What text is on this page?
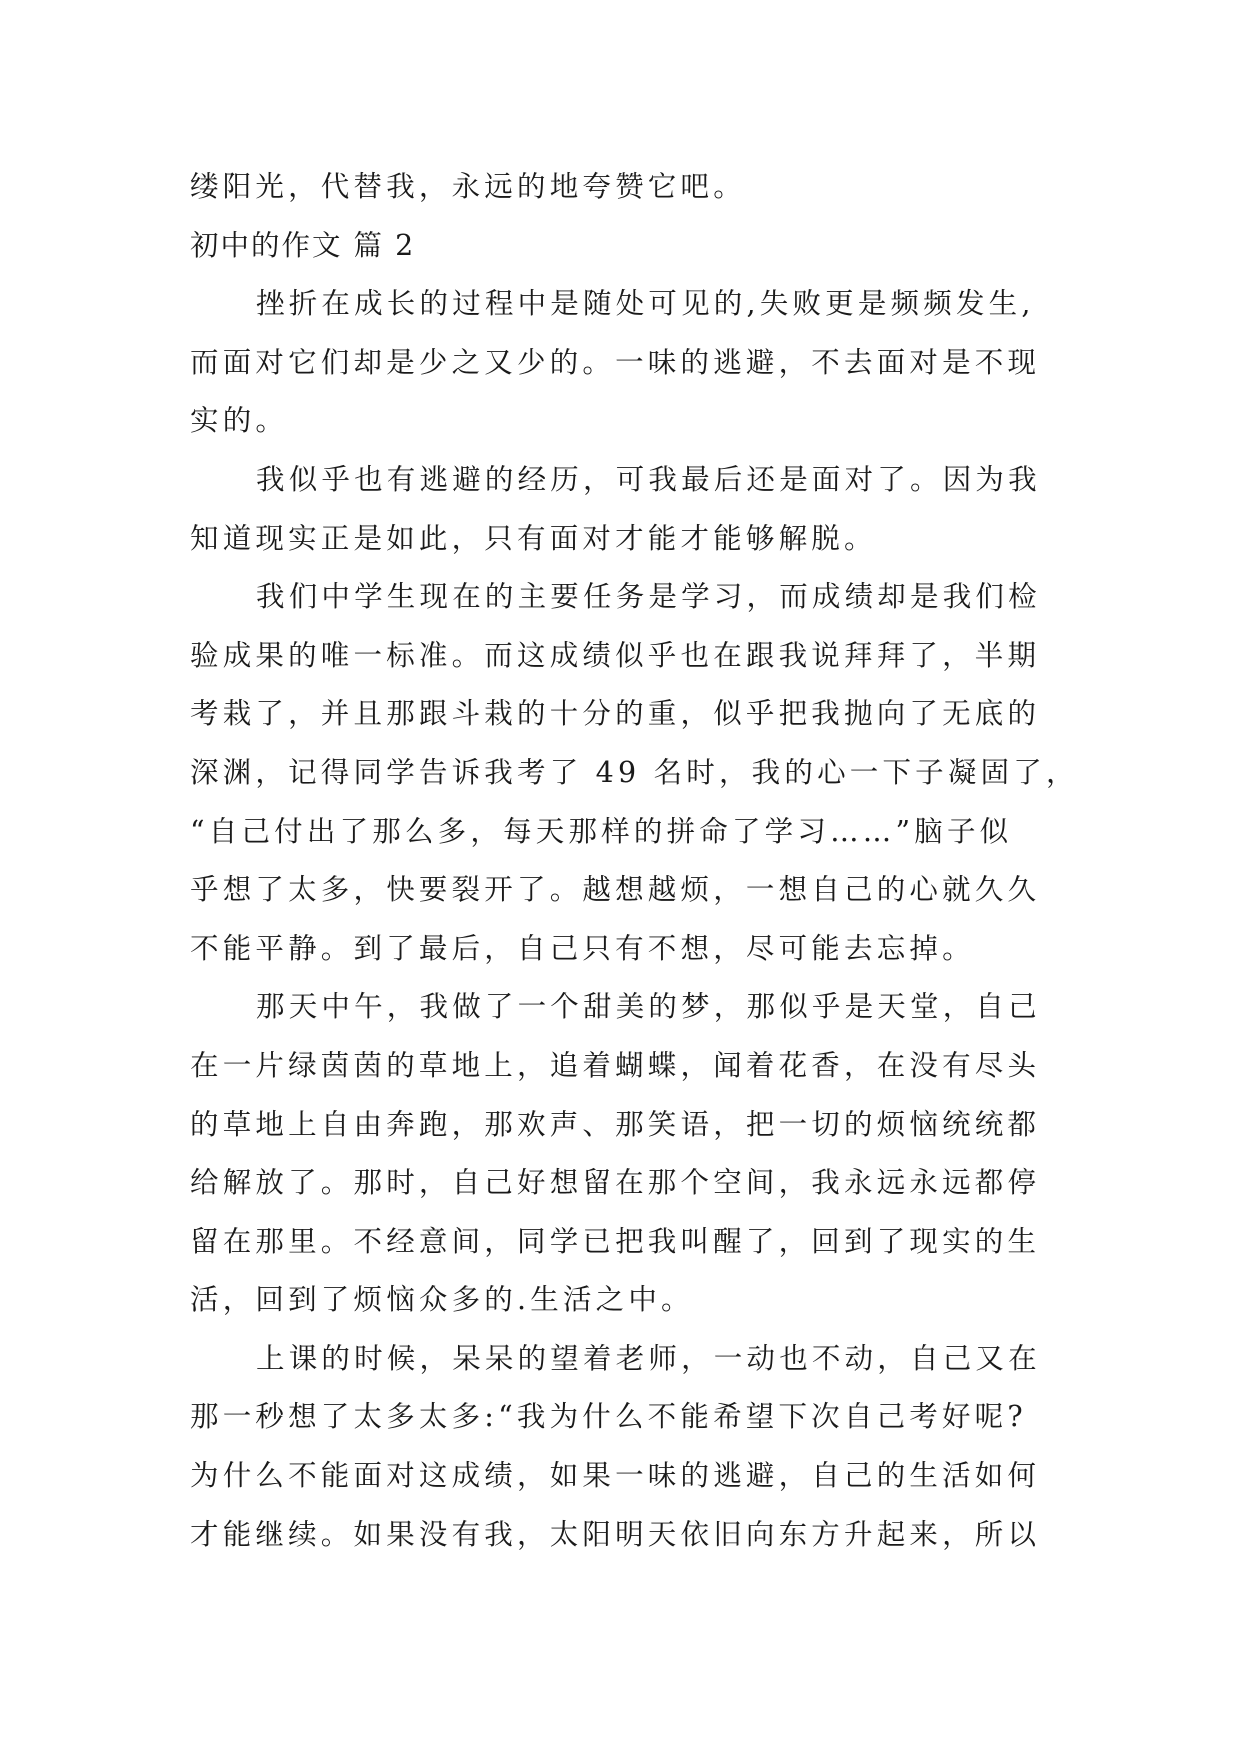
缕阳光，代替我，永远的地夸赞它吧。
初中的作文 篇 2
挫折在成长的过程中是随处可见的,失败更是频频发生,
而面对它们却是少之又少的。一味的逃避，不去面对是不现
实的。
我似乎也有逃避的经历，可我最后还是面对了。因为我
知道现实正是如此，只有面对才能才能够解脱。
我们中学生现在的主要任务是学习，而成绩却是我们检
验成果的唯一标准。而这成绩似乎也在跟我说拜拜了，半期
考栽了，并且那跟斗栽的十分的重，似乎把我抛向了无底的
深渊，记得同学告诉我考了 49 名时，我的心一下子凝固了，
“自己付出了那么多，每天那样的拼命了学习……”脑子似
乎想了太多，快要裂开了。越想越烦，一想自己的心就久久
不能平静。到了最后，自己只有不想，尽可能去忘掉。
那天中午，我做了一个甜美的梦，那似乎是天堂，自己
在一片绿茵茵的草地上，追着蝴蝶，闻着花香，在没有尽头
的草地上自由奔跑，那欢声、那笑语，把一切的烦恼统统都
给解放了。那时，自己好想留在那个空间，我永远永远都停
留在那里。不经意间，同学已把我叫醒了，回到了现实的生
活，回到了烦恼众多的.生活之中。
上课的时候，呆呆的望着老师，一动也不动，自己又在
那一秒想了太多太多:“我为什么不能希望下次自己考好呢?
为什么不能面对这成绩，如果一味的逃避，自己的生活如何
才能继续。如果没有我，太阳明天依旧向东方升起来，所以
